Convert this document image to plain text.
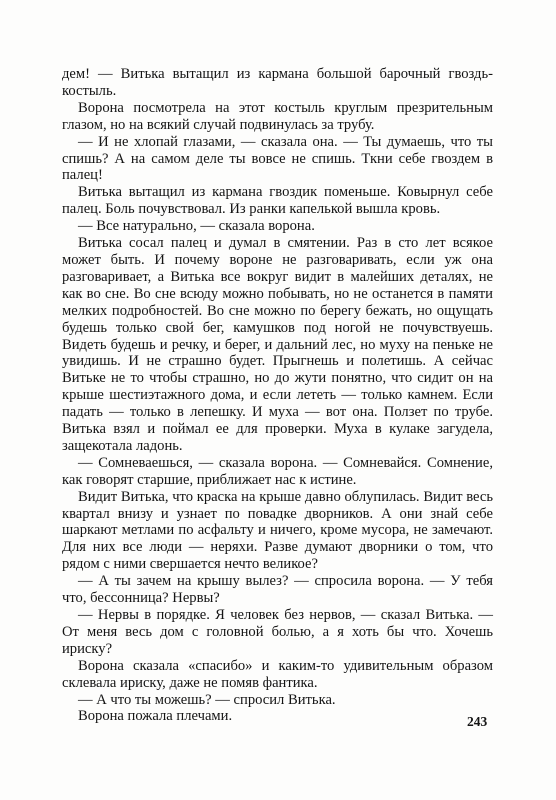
дем! — Витька вытащил из кармана большой барочный гвоздь-костыль.

Ворона посмотрела на этот костыль круглым презрительным глазом, но на всякий случай подвинулась за трубу.

— И не хлопай глазами, — сказала она. — Ты думаешь, что ты спишь? А на самом деле ты вовсе не спишь. Ткни себе гвоздем в палец!

Витька вытащил из кармана гвоздик поменьше. Ковырнул себе палец. Боль почувствовал. Из ранки капелькой вышла кровь.

— Все натурально, — сказала ворона.

Витька сосал палец и думал в смятении. Раз в сто лет всякое может быть. И почему вороне не разговаривать, если уж она разговаривает, а Витька все вокруг видит в малейших деталях, не как во сне. Во сне всюду можно побывать, но не останется в памяти мелких подробностей. Во сне можно по берегу бежать, но ощущать будешь только свой бег, камушков под ногой не почувствуешь. Видеть будешь и речку, и берег, и дальний лес, но муху на пеньке не увидишь. И не страшно будет. Прыгнешь и полетишь. А сейчас Витьке не то чтобы страшно, но до жути понятно, что сидит он на крыше шестиэтажного дома, и если лететь — только камнем. Если падать — только в лепешку. И муха — вот она. Ползет по трубе. Витька взял и поймал ее для проверки. Муха в кулаке загудела, защекотала ладонь.

— Сомневаешься, — сказала ворона. — Сомневайся. Сомнение, как говорят старшие, приближает нас к истине.

Видит Витька, что краска на крыше давно облупилась. Видит весь квартал внизу и узнает по повадке дворников. А они знай себе шаркают метлами по асфальту и ничего, кроме мусора, не замечают. Для них все люди — неряхи. Разве думают дворники о том, что рядом с ними свершается нечто великое?

— А ты зачем на крышу вылез? — спросила ворона. — У тебя что, бессонница? Нервы?

— Нервы в порядке. Я человек без нервов, — сказал Витька. — От меня весь дом с головной болью, а я хоть бы что. Хочешь ириску?

Ворона сказала «спасибо» и каким-то удивительным образом склевала ириску, даже не помяв фантика.

— А что ты можешь? — спросил Витька.

Ворона пожала плечами.	243
